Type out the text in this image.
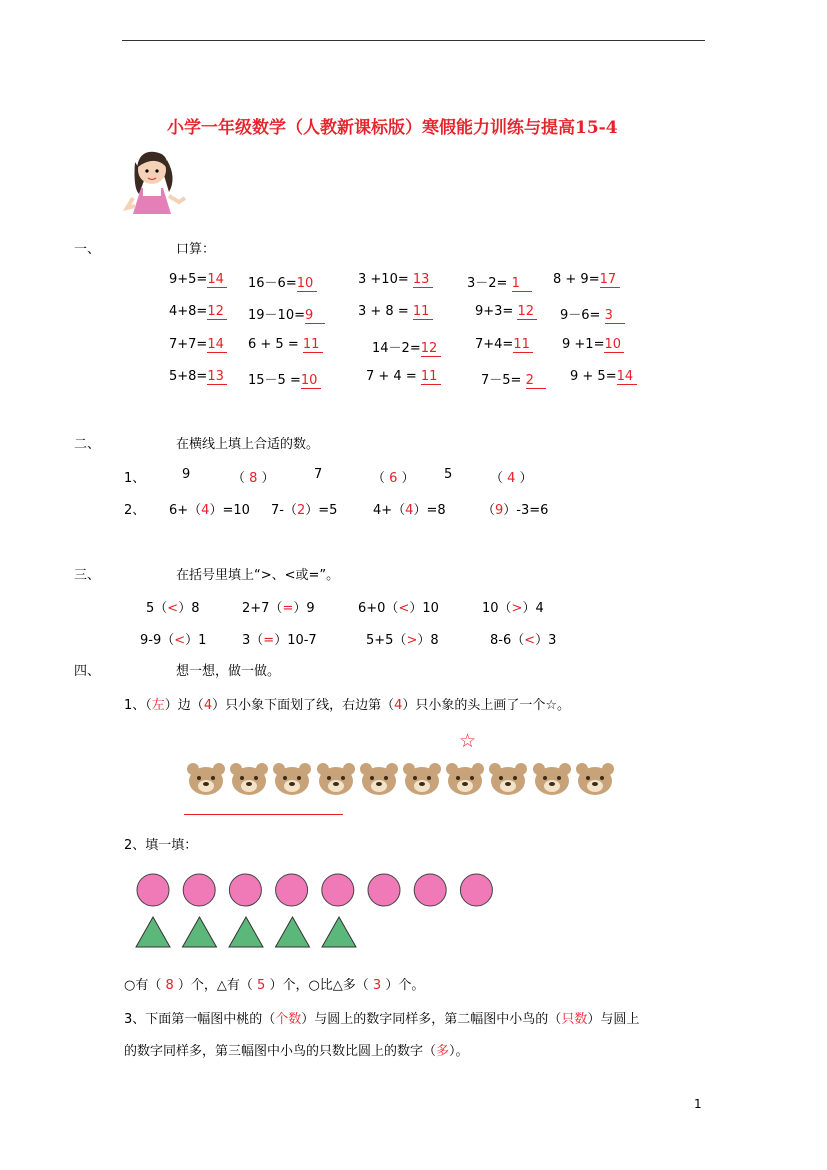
小学一年级数学（人教新课标版）寒假能力训练与提高15-4
一、	口算：
9+5=14 16－6=10	3 +10= 13	3－2= 1	8 + 9=17
4+8=12 19－10=9	3 + 8 = 11	9+3= 12 9－6= 3
7+7=14 6 + 5 = 11	14－2=12	7+4=11 9 +1=10
5+8=13 15－5 =10	7 + 4 = 11	7－5= 2	9 + 5=14
二、	在横线上填上合适的数。
1、	9	（ 8 ）	7	（ 6 ） 5	（ 4 ）
2、 6+（4）=10 7-（2）=5	4+（4）=8	（9）-3=6
三、	在括号里填上“>、<或=”。
5（<）8	2+7（=）9	6+0（<）10	10（>）4
9-9（<）1	3（=）10-7	5+5（>）8	8-6（<）3
四、	想一想，做一做。
1、（左）边（4）只小象下面划了线，右边第（4）只小象的头上画了一个☆。
☆
2、填一填：
○有（ 8 ）个，△有（ 5 ）个，○比△多（ 3 ）个。
3、下面第一幅图中桃的（个数）与圆上的数字同样多，第二幅图中小鸟的（只数）与圆上
的数字同样多，第三幅图中小鸟的只数比圆上的数字（多）。
1
